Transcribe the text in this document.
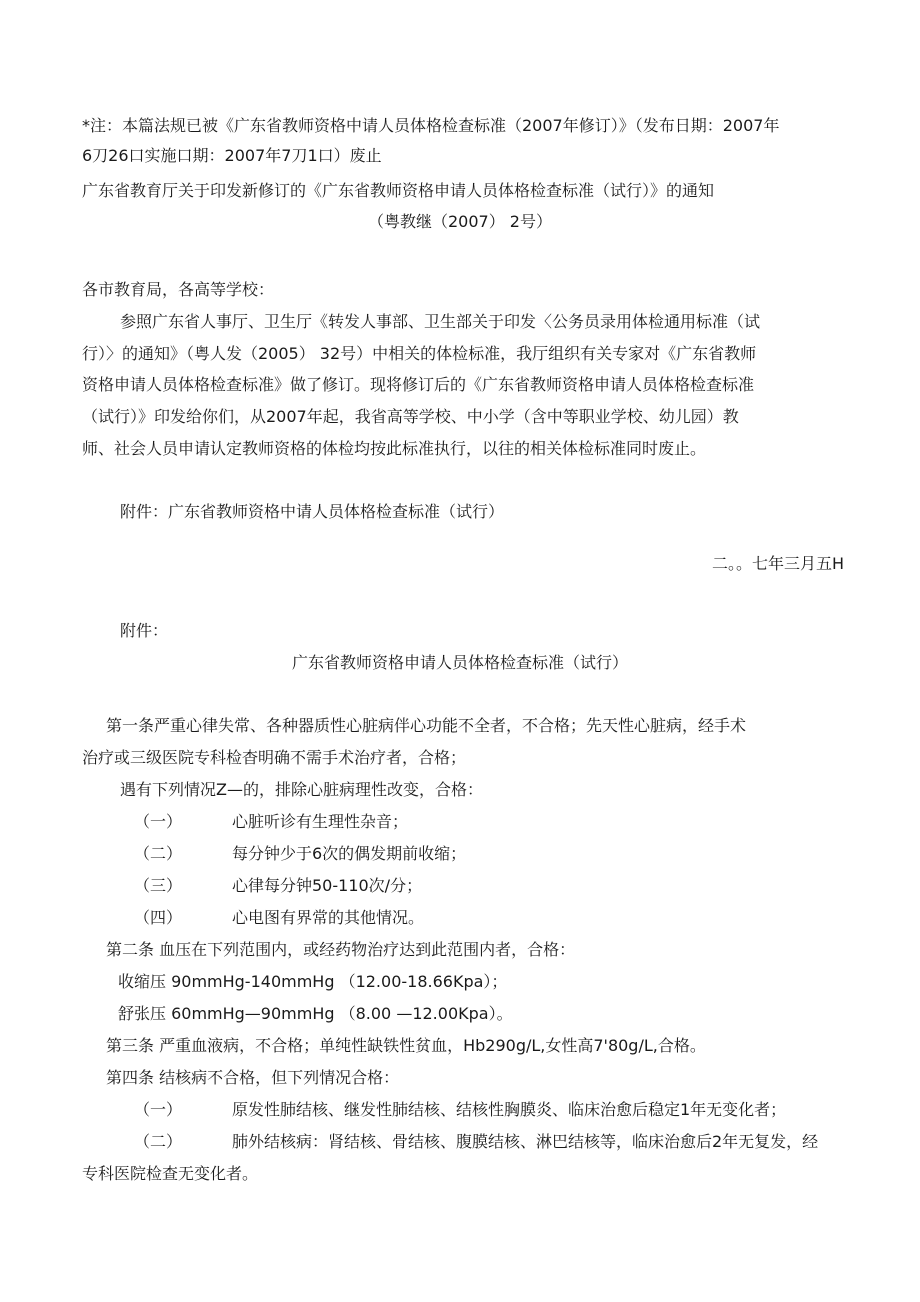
*注：本篇法规已被《广东省教师资格中请人员体格检查标准（2007年修订）》（发布日期：2007年
6刀26口实施口期：2007年7刀1口）废止
广东省教育厅关于印发新修订的《广东省教师资格申请人员体格检查标准（试行）》的通知
（粤教继（2007） 2号）
各市教育局，各高等学校：
参照广东省人事厅、卫生厅《转发人事部、卫生部关于印发〈公务员录用体检通用标准（试
行）〉的通知》（粤人发（2005） 32号）中相关的体检标准，我厅组织有关专家对《广东省教师
资格申请人员体格检查标准》做了修订。现将修订后的《广东省教师资格申请人员体格检查标准
（试行）》印发给你们，从2007年起，我省高等学校、中小学（含中等职业学校、幼儿园）教
师、社会人员申请认定教师资格的体检均按此标准执行，以往的相关体检标准同时废止。
附件：广东省教师资格中请人员体格检查标准（试行）
二。。七年三月五H
附件：
广东省教师资格申请人员体格检查标准（试行）
第一条严重心律失常、各种器质性心脏病伴心功能不全者，不合格；先天性心脏病，经手术
治疗或三级医院专科检杳明确不需手术治疗者，合格；
遇有下列情况Z—的，排除心脏病理性改变，合格：
（一）	心脏听诊有生理性杂音；
（二）	每分钟少于6次的偶发期前收缩；
（三）	心律每分钟50-110次/分；
（四）	心电图有界常的其他情况。
第二条 血压在下列范围内，或经药物治疗达到此范围内者，合格：
收缩压 90mmHg-140mmHg （12.00-18.66Kpa）；
舒张压 60mmHg—90mmHg （8.00 —12.00Kpa）。
第三条 严重血液病，不合格；单纯性缺铁性贫血，Hb290g/L,女性高7'80g/L,合格。
第四条 结核病不合格，但下列情况合格：
（一）	原发性肺结核、继发性肺结核、结核性胸膜炎、临床治愈后稳定1年无变化者；
（二）	肺外结核病：肾结核、骨结核、腹膜结核、淋巴结核等，临床治愈后2年无复发，经
专科医院检查无变化者。
